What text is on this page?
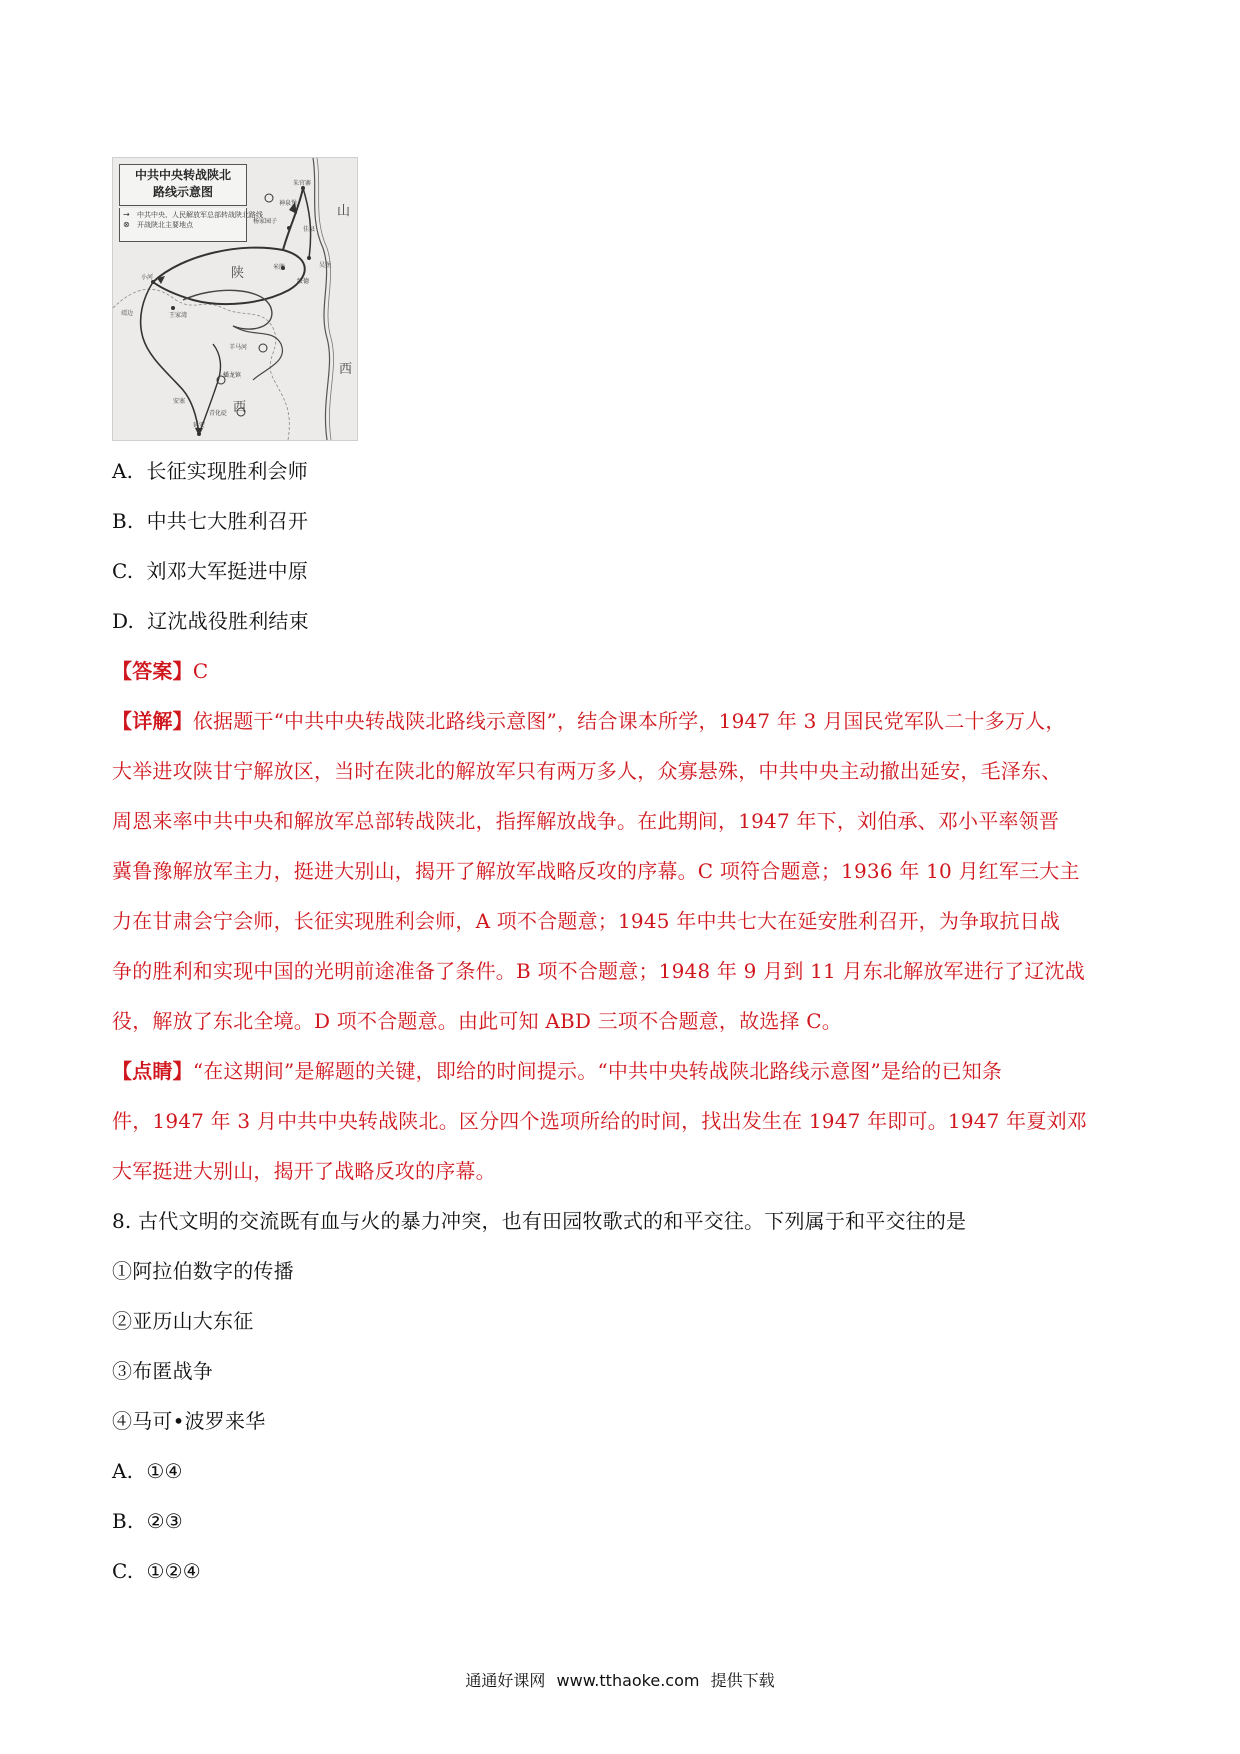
中共中央转战陕北
路线示意图
→	中共中央、人民解放军总部转战陕北路线
⊗	开战陕北主要地点
陕
西
山
西
朱官寨
神泉堡
杨家园子
佳县
米脂
绥德
王家湾
小河
靖边
羊马河
蟠龙镇
安塞
青化砭
延安
吴堡
A. 长征实现胜利会师
B. 中共七大胜利召开
C. 刘邓大军挺进中原
D. 辽沈战役胜利结束
【答案】C
【详解】依据题干“中共中央转战陕北路线示意图”，结合课本所学，1947 年 3 月国民党军队二十多万人，
大举进攻陕甘宁解放区，当时在陕北的解放军只有两万多人，众寡悬殊，中共中央主动撤出延安，毛泽东、
周恩来率中共中央和解放军总部转战陕北，指挥解放战争。在此期间，1947 年下，刘伯承、邓小平率领晋
冀鲁豫解放军主力，挺进大别山，揭开了解放军战略反攻的序幕。C 项符合题意；1936 年 10 月红军三大主
力在甘肃会宁会师，长征实现胜利会师，A 项不合题意；1945 年中共七大在延安胜利召开，为争取抗日战
争的胜利和实现中国的光明前途准备了条件。B 项不合题意；1948 年 9 月到 11 月东北解放军进行了辽沈战
役，解放了东北全境。D 项不合题意。由此可知 ABD 三项不合题意，故选择 C。
【点睛】“在这期间”是解题的关键，即给的时间提示。“中共中央转战陕北路线示意图”是给的已知条
件，1947 年 3 月中共中央转战陕北。区分四个选项所给的时间，找出发生在 1947 年即可。1947 年夏刘邓
大军挺进大别山，揭开了战略反攻的序幕。
8. 古代文明的交流既有血与火的暴力冲突，也有田园牧歌式的和平交往。下列属于和平交往的是
①阿拉伯数字的传播
②亚历山大东征
③布匿战争
④马可•波罗来华
A. ①④
B. ②③
C. ①②④
通通好课网 www.tthaoke.com 提供下载
